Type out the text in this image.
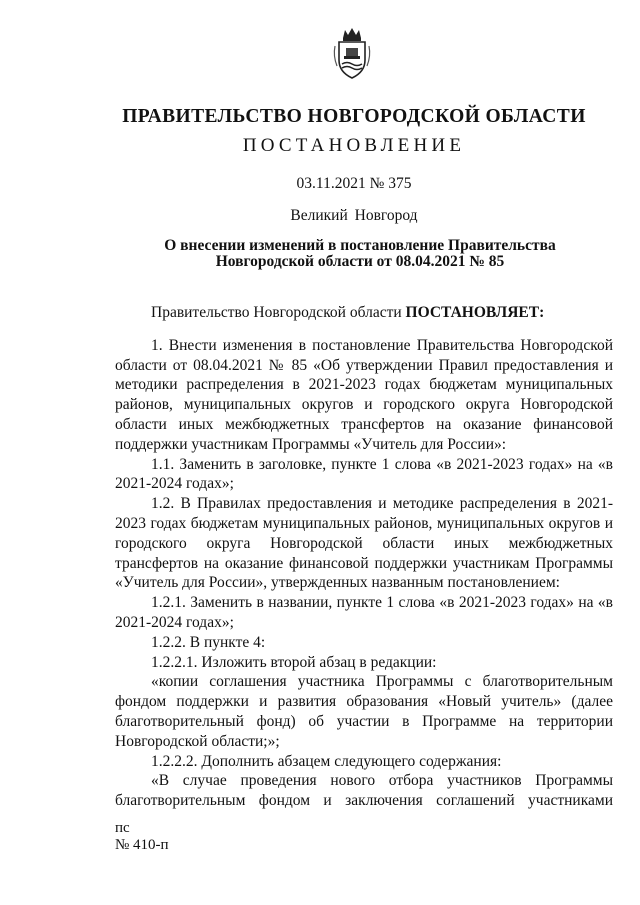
ПРАВИТЕЛЬСТВО НОВГОРОДСКОЙ ОБЛАСТИ
ПОСТАНОВЛЕНИЕ
03.11.2021 № 375
Великий Новгород
О внесении изменений в постановление Правительства
Новгородской области от 08.04.2021 № 85

Правительство Новгородской области ПОСТАНОВЛЯЕТ:

1. Внести изменения в постановление Правительства Новгородской области от 08.04.2021 № 85 «Об утверждении Правил предоставления и методики распределения в 2021-2023 годах бюджетам муниципальных районов, муниципальных округов и городского округа Новгородской области иных межбюджетных трансфертов на оказание финансовой поддержки участникам Программы «Учитель для России»:

1.1. Заменить в заголовке, пункте 1 слова «в 2021-2023 годах» на «в 2021-2024 годах»;

1.2. В Правилах предоставления и методике распределения в 2021-2023 годах бюджетам муниципальных районов, муниципальных округов и городского округа Новгородской области иных межбюджетных трансфертов на оказание финансовой поддержки участникам Программы «Учитель для России», утвержденных названным постановлением:

1.2.1. Заменить в названии, пункте 1 слова «в 2021-2023 годах» на «в 2021-2024 годах»;

1.2.2. В пункте 4:

1.2.2.1. Изложить второй абзац в редакции:

«копии соглашения участника Программы с благотворительным фондом поддержки и развития образования «Новый учитель» (далее благотворительный фонд) об участии в Программе на территории Новгородской области;»;

1.2.2.2. Дополнить абзацем следующего содержания:

«В случае проведения нового отбора участников Программы благотворительным фондом и заключения соглашений участниками

пс
№ 410-п
